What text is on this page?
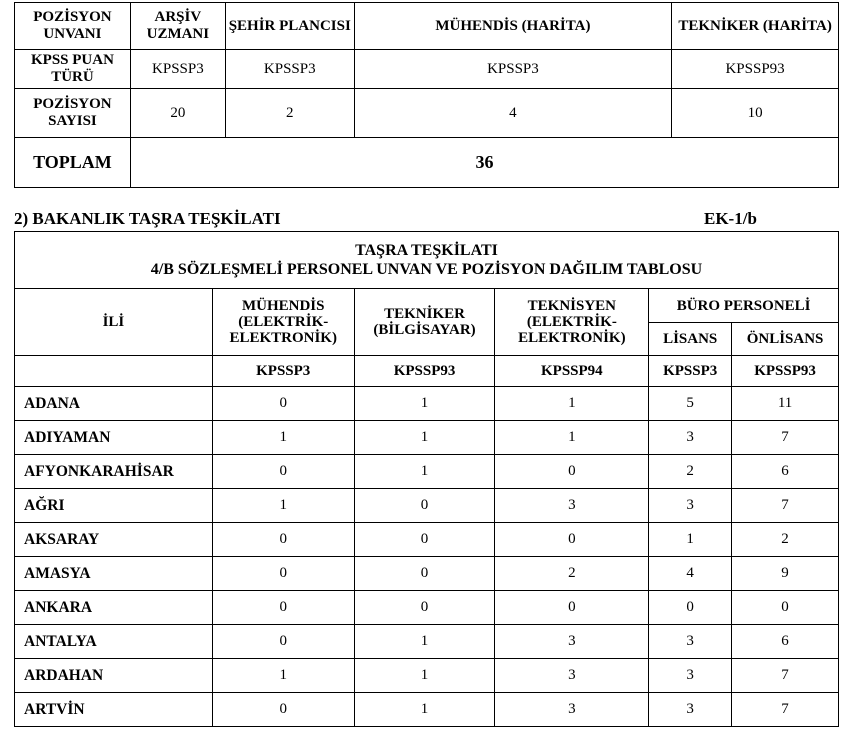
POZİSYON UNVANI	ARŞİV UZMANI	ŞEHİR PLANCISI	MÜHENDİS (HARİTA)	TEKNİKER (HARİTA)
KPSS PUAN TÜRÜ	KPSSP3	KPSSP3	KPSSP3	KPSSP93
POZİSYON SAYISI	20	2	4	10
TOPLAM	36			
2) BAKANLIK TAŞRA TEŞKİLATI	EK-1/b
TAŞRA TEŞKİLATI
4/B SÖZLEŞMELİ PERSONEL UNVAN VE POZİSYON DAĞILIM TABLOSU					

İLİ	MÜHENDİS (ELEKTRİK-ELEKTRONİK)	TEKNİKER (BİLGİSAYAR)	TEKNİSYEN (ELEKTRİK-ELEKTRONİK)	BÜRO PERSONELİ	
				LİSANS	ÖNLİSANS
	KPSSP3	KPSSP93	KPSSP94	KPSSP3	KPSSP93
ADANA	0	1	1	5	11
ADIYAMAN	1	1	1	3	7
AFYONKARAHİSAR	0	1	0	2	6
AĞRI	1	0	3	3	7
AKSARAY	0	0	0	1	2
AMASYA	0	0	2	4	9
ANKARA	0	0	0	0	0
ANTALYA	0	1	3	3	6
ARDAHAN	1	1	3	3	7
ARTVİN	0	1	3	3	7
